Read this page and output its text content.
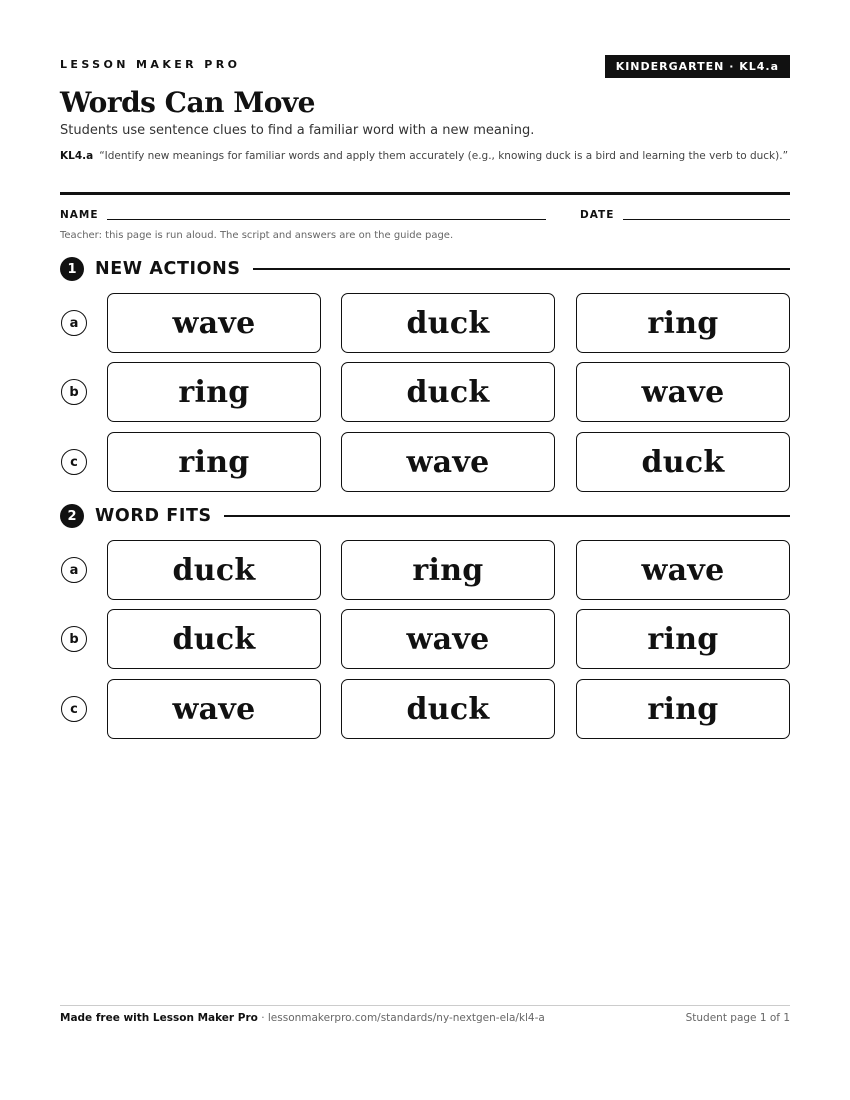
LESSON MAKER PRO	KINDERGARTEN · KL4.a
Words Can Move

Students use sentence clues to find a familiar word with a new meaning.

KL4.a “Identify new meanings for familiar words and apply them accurately (e.g., knowing duck is a bird and learning the verb to duck).”

NAME	DATE

Teacher: this page is run aloud. The script and answers are on the guide page.

1	NEW ACTIONS
a	wave	duck	ring
b	ring	duck	wave
c	ring	wave	duck
2	WORD FITS
a	duck	ring	wave
b	duck	wave	ring
c	wave	duck	ring
Made free with Lesson Maker Pro · lessonmakerpro.com/standards/ny-nextgen-ela/kl4-a	Student page 1 of 1
